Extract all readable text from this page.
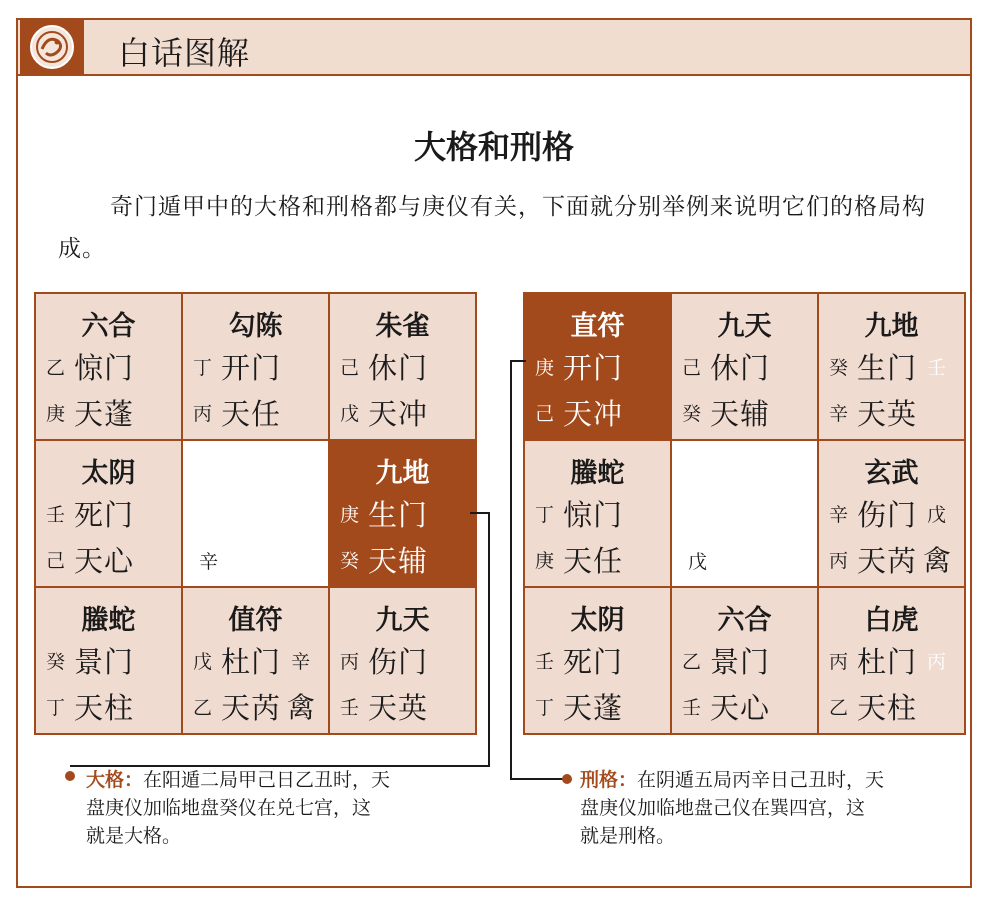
白话图解
大格和刑格
奇门遁甲中的大格和刑格都与庚仪有关，下面就分别举例来说明它们的格局构成。
六合
乙 惊门
庚 天蓬
勾陈
丁 开门
丙 天任
朱雀
己 休门
戊 天冲
太阴
壬 死门
己 天心	辛
九地
庚 生门
癸 天辅
螣蛇
癸 景门
丁 天柱
值符
戊 杜门 辛
乙 天芮 禽
九天
丙 伤门
壬 天英
直符
庚 开门
己 天冲
九天
己 休门
癸 天辅
九地
癸 生门 壬
辛 天英
螣蛇
丁 惊门
庚 天任	戊
玄武
辛 伤门 戊
丙 天芮 禽
太阴
壬 死门
丁 天蓬
六合
乙 景门
壬 天心
白虎
丙 杜门 丙
乙 天柱
大格：在阳遁二局甲己日乙丑时，天
盘庚仪加临地盘癸仪在兑七宫，这
就是大格。
刑格：在阴遁五局丙辛日己丑时，天
盘庚仪加临地盘己仪在巽四宫，这
就是刑格。
